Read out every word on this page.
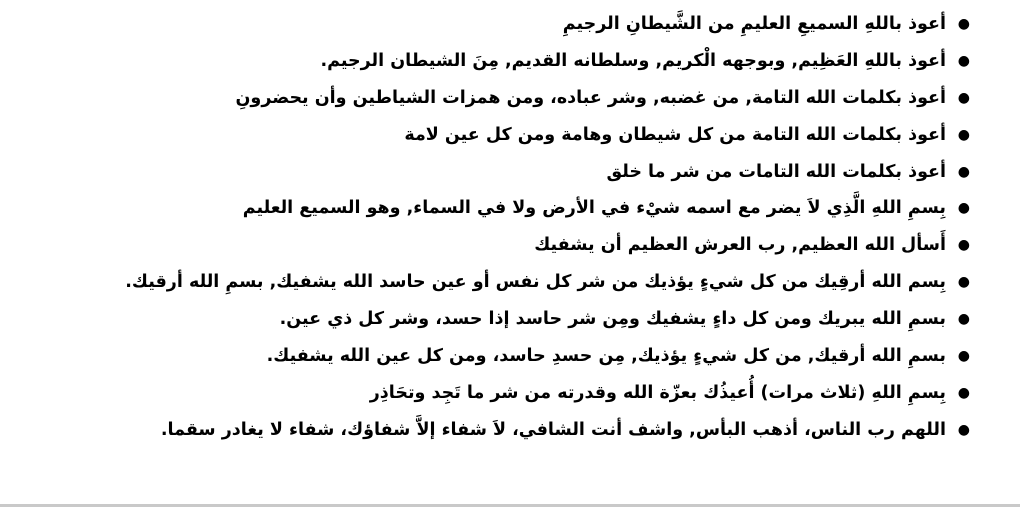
●
أعوذ باللهِ السميعِ العليمِ من الشَّيطانِ الرجيمِ
●
أعوذ باللهِ العَظِيم, وبوجهه الْكريم, وسلطانه القديم, مِنَ الشيطان الرجيم.
●
أعوذ بكلمات الله التامة, من غضبه, وشر عباده، ومن همزات الشياطين وأن يحضرونِ
●
أعوذ بكلمات الله التامة من كل شيطان وهامة ومن كل عين لامة
●
أعوذ بكلمات الله التامات من شر ما خلق
●
بِسمِ اللهِ الَّذِي لاَ يضر مع اسمه شيْء في الأرض ولا في السماء, وهو السميع العليم
●
أَسأل الله العظيم, رب العرش العظيم أن يشفيك
●
بِسم الله أرقِيك من كل شيءٍ يؤذيك من شر كل نفس أو عين حاسد الله يشفيك, بسمِ الله أرقيك.
●
بسمِ الله يبريك ومن كل داءٍ يشفيك ومِن شر حاسد إذا حسد، وشر كل ذي عين.
●
بسمِ الله أرقيك, من كل شيءٍ يؤذيك, مِن حسدِ حاسد، ومن كل عين الله يشفيك.
●
بِسمِ اللهِ (ثلاث مرات) أُعيذُك بعزّة الله وقدرته من شر ما تَجِد وتحَاذِر
●
اللهم رب الناس، أذهب البأس, واشف أنت الشافي، لاَ شفاء إلاَّ شفاؤك، شفاء لا يغادر سقما.
